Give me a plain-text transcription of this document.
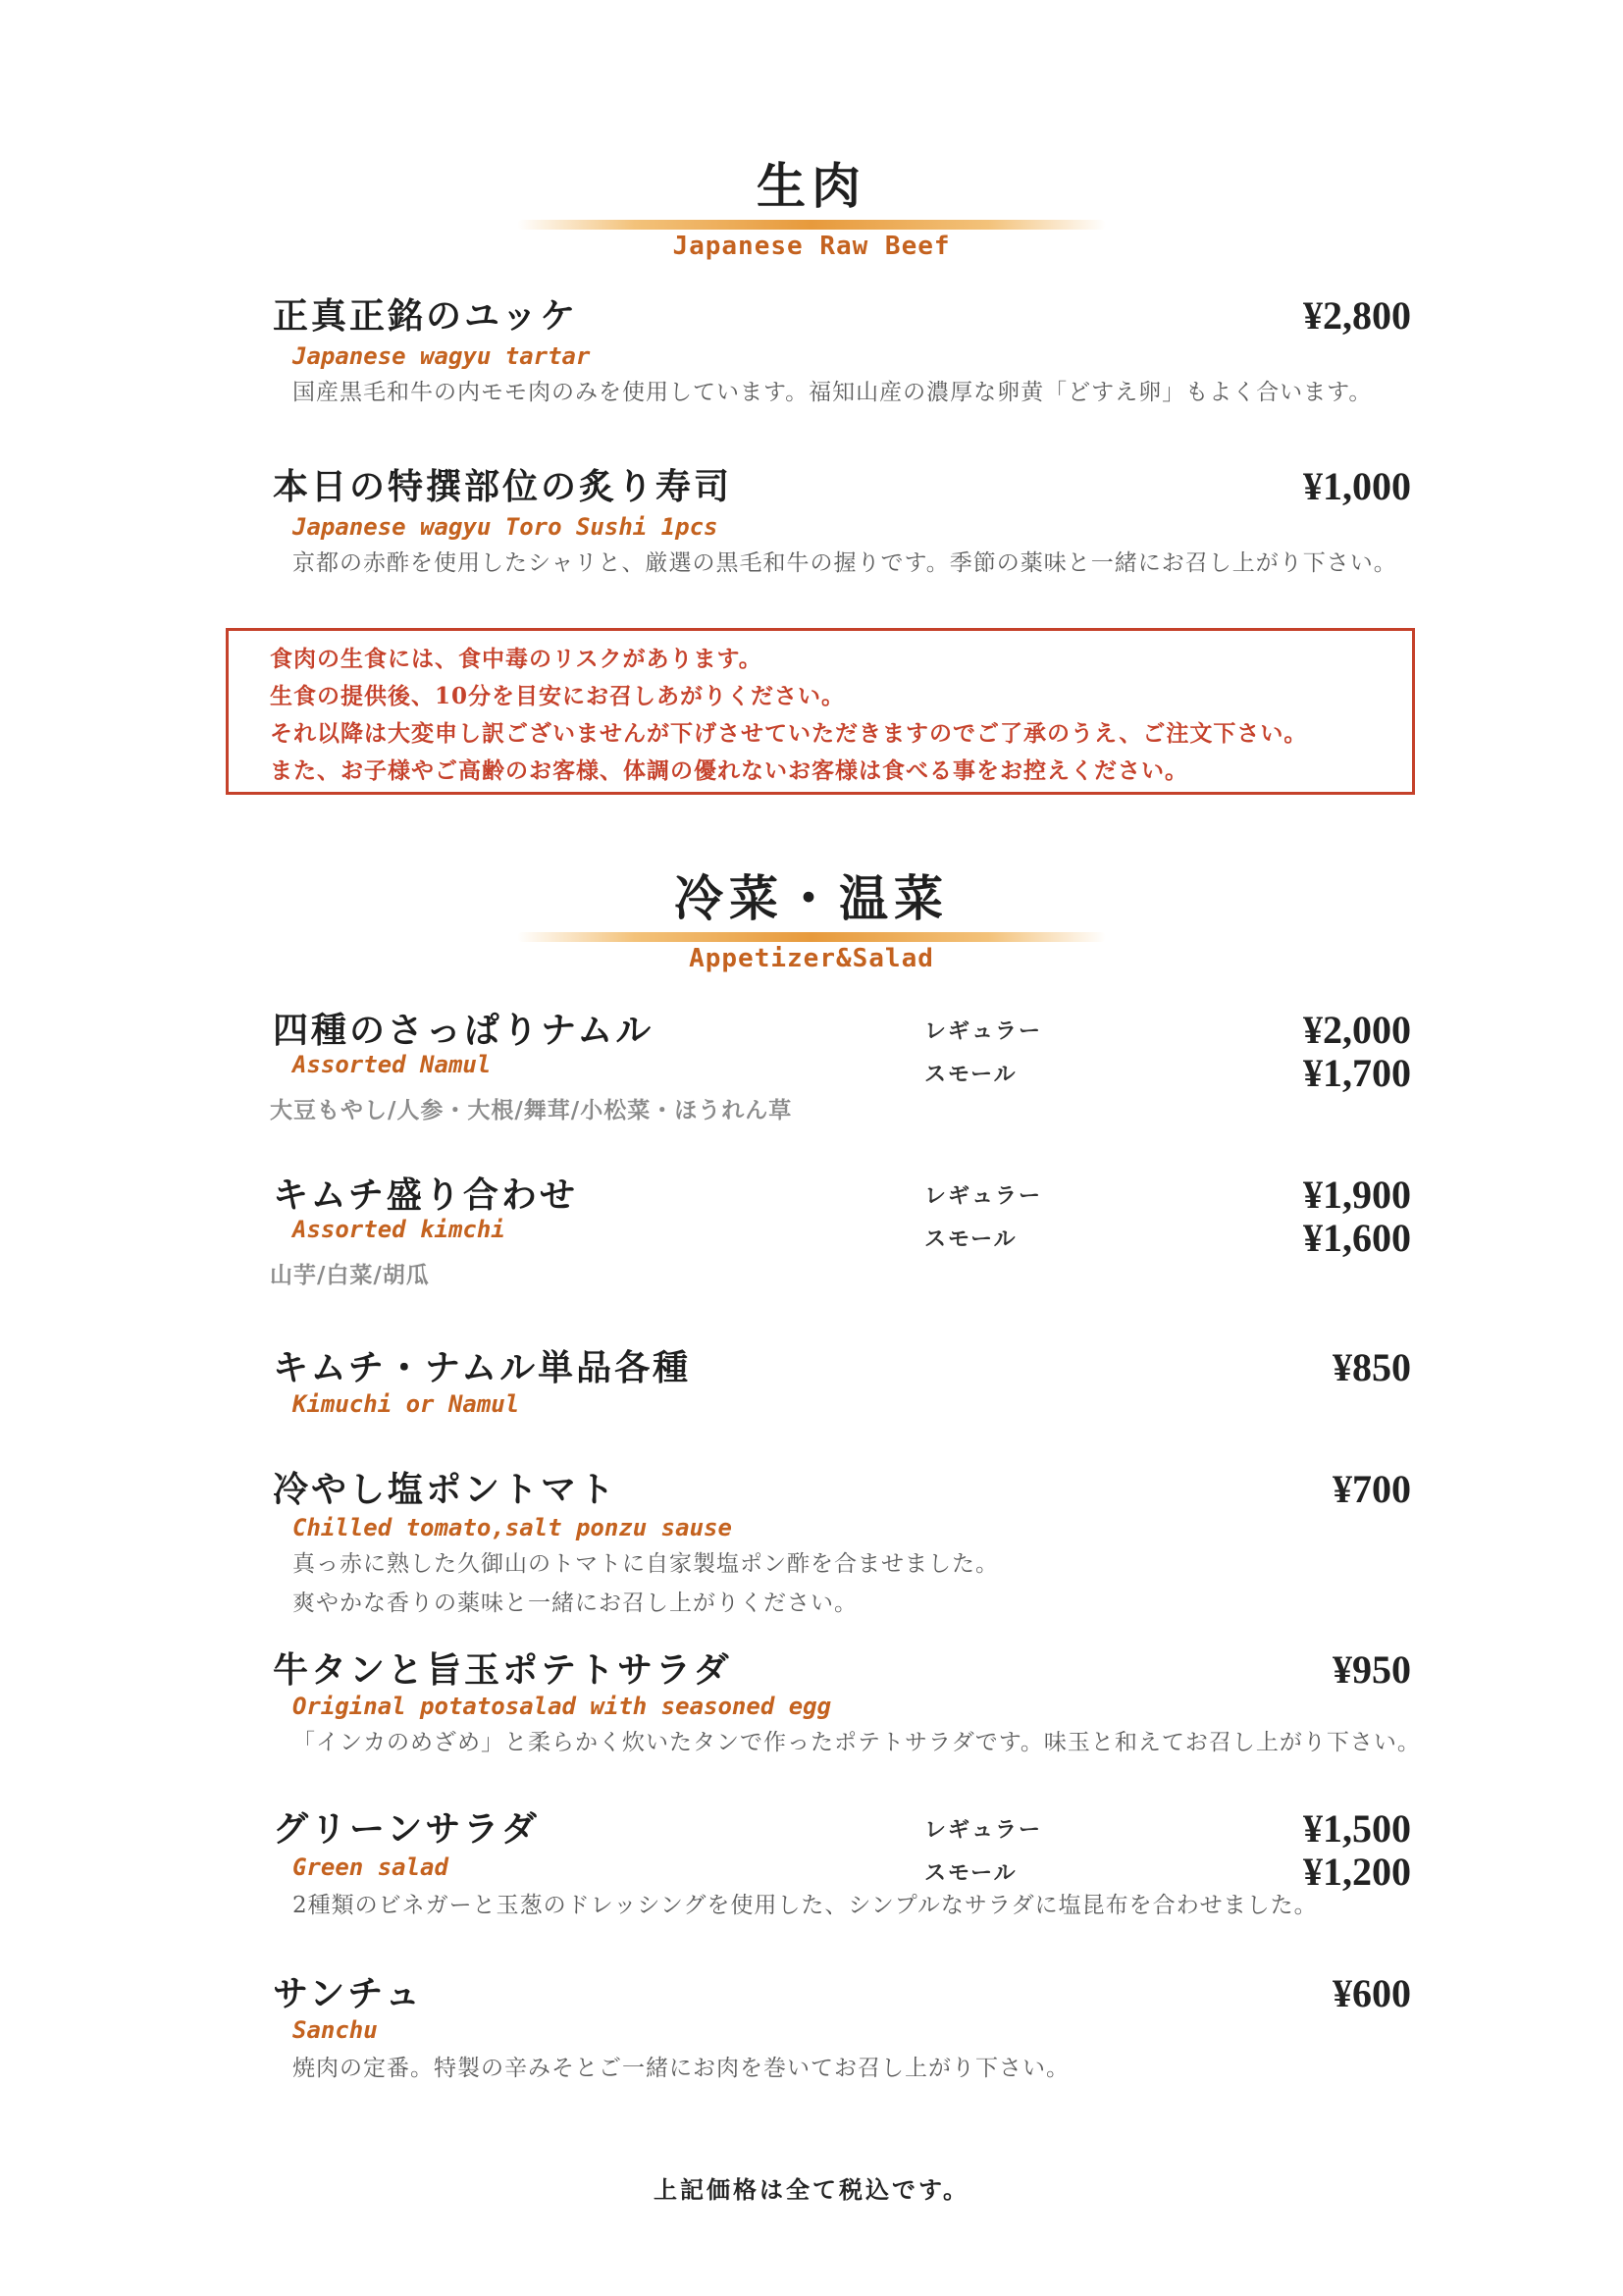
生肉
Japanese Raw Beef
正真正銘のユッケ
Japanese wagyu tartar
国産黒毛和牛の内モモ肉のみを使用しています。福知山産の濃厚な卵黄「どすえ卵」もよく合います。
¥2,800
本日の特撰部位の炙り寿司
Japanese wagyu Toro Sushi 1pcs
京都の赤酢を使用したシャリと、厳選の黒毛和牛の握りです。季節の薬味と一緒にお召し上がり下さい。
¥1,000
食肉の生食には、食中毒のリスクがあります。
生食の提供後、10分を目安にお召しあがりください。
それ以降は大変申し訳ございませんが下げさせていただきますのでご了承のうえ、ご注文下さい。
また、お子様やご高齢のお客様、体調の優れないお客様は食べる事をお控えください。
冷菜・温菜
Appetizer&Salad
四種のさっぱりナムル
Assorted Namul
大豆もやし/人参・大根/舞茸/小松菜・ほうれん草
レギュラー
スモール
¥2,000
¥1,700
キムチ盛り合わせ
Assorted kimchi
山芋/白菜/胡瓜
レギュラー
スモール
¥1,900
¥1,600
キムチ・ナムル単品各種
Kimuchi or Namul
¥850
冷やし塩ポントマト
Chilled tomato,salt ponzu sause
真っ赤に熟した久御山のトマトに自家製塩ポン酢を合ませました。
爽やかな香りの薬味と一緒にお召し上がりください。
¥700
牛タンと旨玉ポテトサラダ
Original potatosalad with seasoned egg
「インカのめざめ」と柔らかく炊いたタンで作ったポテトサラダです。味玉と和えてお召し上がり下さい。
¥950
グリーンサラダ
Green salad
2種類のビネガーと玉葱のドレッシングを使用した、シンプルなサラダに塩昆布を合わせました。
レギュラー
スモール
¥1,500
¥1,200
サンチュ
Sanchu
焼肉の定番。特製の辛みそとご一緒にお肉を巻いてお召し上がり下さい。
¥600
上記価格は全て税込です。
